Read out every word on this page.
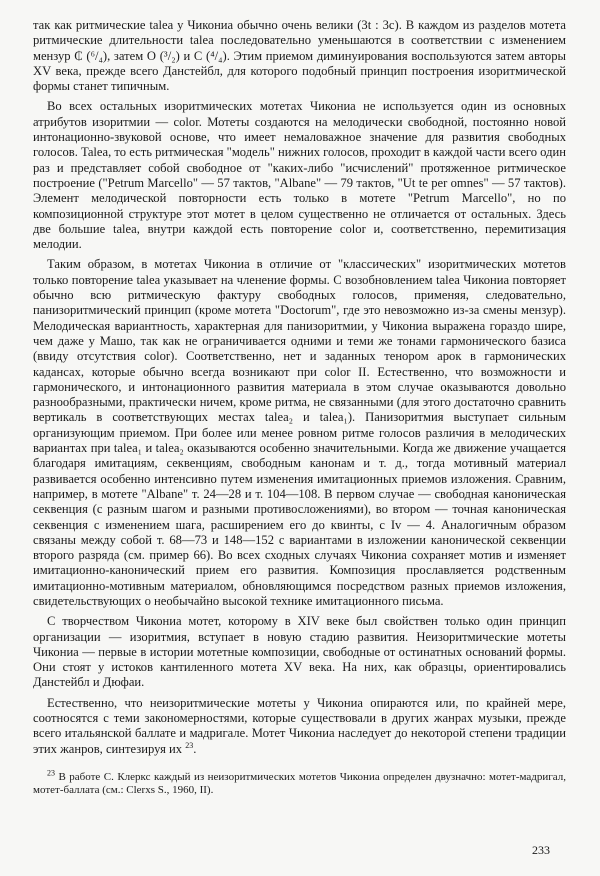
так как ритмические talea у Чикониа обычно очень велики (3t : 3c). В каждом из разделов мотета ритмические длительности talea последовательно уменьшаются в соответствии с изменением мензур ₵ (⁶/₄), затем O (³/₂) и C (⁴/₄). Этим приемом диминуирования воспользуются затем авторы XV века, прежде всего Данстейбл, для которого подобный принцип построения изоритмической формы станет типичным.

Во всех остальных изоритмических мотетах Чикониа не используется один из основных атрибутов изоритмии — color. Мотеты создаются на мелодически свободной, постоянно новой интонационно-звуковой основе, что имеет немаловажное значение для развития свободных голосов. Talea, то есть ритмическая "модель" нижних голосов, проходит в каждой части всего один раз и представляет собой свободное от "каких-либо "исчислений" протяженное ритмическое построение ("Petrum Marcello" — 57 тактов, "Albane" — 79 тактов, "Ut te per omnes" — 57 тактов). Элемент мелодической повторности есть только в мотете "Petrum Marcello", но по композиционной структуре этот мотет в целом существенно не отличается от остальных. Здесь две большие talea, внутри каждой есть повторение color и, соответственно, перемитизация мелодии.

Таким образом, в мотетах Чикониа в отличие от "классических" изоритмических мотетов только повторение talea указывает на членение формы. С возобновлением talea Чикониа повторяет обычно всю ритмическую фактуру свободных голосов, применяя, следовательно, панизоритмический принцип (кроме мотета "Doctorum", где это невозможно из-за смены мензур). Мелодическая вариантность, характерная для панизоритмии, у Чикониа выражена гораздо шире, чем даже у Машо, так как не ограничивается одними и теми же тонами гармонического базиса (ввиду отсутствия color). Соответственно, нет и заданных тенором арок в гармонических кадансах, которые обычно всегда возникают при color II. Естественно, что возможности и гармонического, и интонационного развития материала в этом случае оказываются довольно разнообразными, практически ничем, кроме ритма, не связанными (для этого достаточно сравнить вертикаль в соответствующих местах talea₂ и talea₁). Панизоритмия выступает сильным организующим приемом. При более или менее ровном ритме голосов различия в мелодических вариантах при talea₁ и talea₂ оказываются особенно значительными. Когда же движение учащается благодаря имитациям, секвенциям, свободным канонам и т. д., тогда мотивный материал развивается особенно интенсивно путем изменения имитационных приемов изложения. Сравним, например, в мотете "Albane" т. 24—28 и т. 104—108. В первом случае — свободная каноническая секвенция (с разным шагом и разными противосложениями), во втором — точная каноническая секвенция с изменением шага, расширением его до квинты, с Iv — 4. Аналогичным образом связаны между собой т. 68—73 и 148—152 с вариантами в изложении канонической секвенции второго разряда (см. пример 66). Во всех сходных случаях Чикониа сохраняет мотив и изменяет имитационно-канонический прием его развития. Композиция прославляется родственным имитационно-мотивным материалом, обновляющимся посредством разных приемов изложения, свидетельствующих о необычайно высокой технике имитационного письма.

С творчеством Чикониа мотет, которому в XIV веке был свойствен только один принцип организации — изоритмия, вступает в новую стадию развития. Неизоритмические мотеты Чикониа — первые в истории мотетные композиции, свободные от остинатных оснований формы. Они стоят у истоков кантиленного мотета XV века. На них, как образцы, ориентировались Данстейбл и Дюфаи.

Естественно, что неизоритмические мотеты у Чикониа опираются или, по крайней мере, соотносятся с теми закономерностями, которые существовали в других жанрах музыки, прежде всего итальянской баллате и мадригале. Мотет Чикониа наследует до некоторой степени традиции этих жанров, синтезируя их $^{23}$.

$^{23}$ В работе С. Клеркс каждый из неизоритмических мотетов Чикониа определен двузначно: мотет-мадригал, мотет-баллата (см.: Clerxs S., 1960, II).

233
